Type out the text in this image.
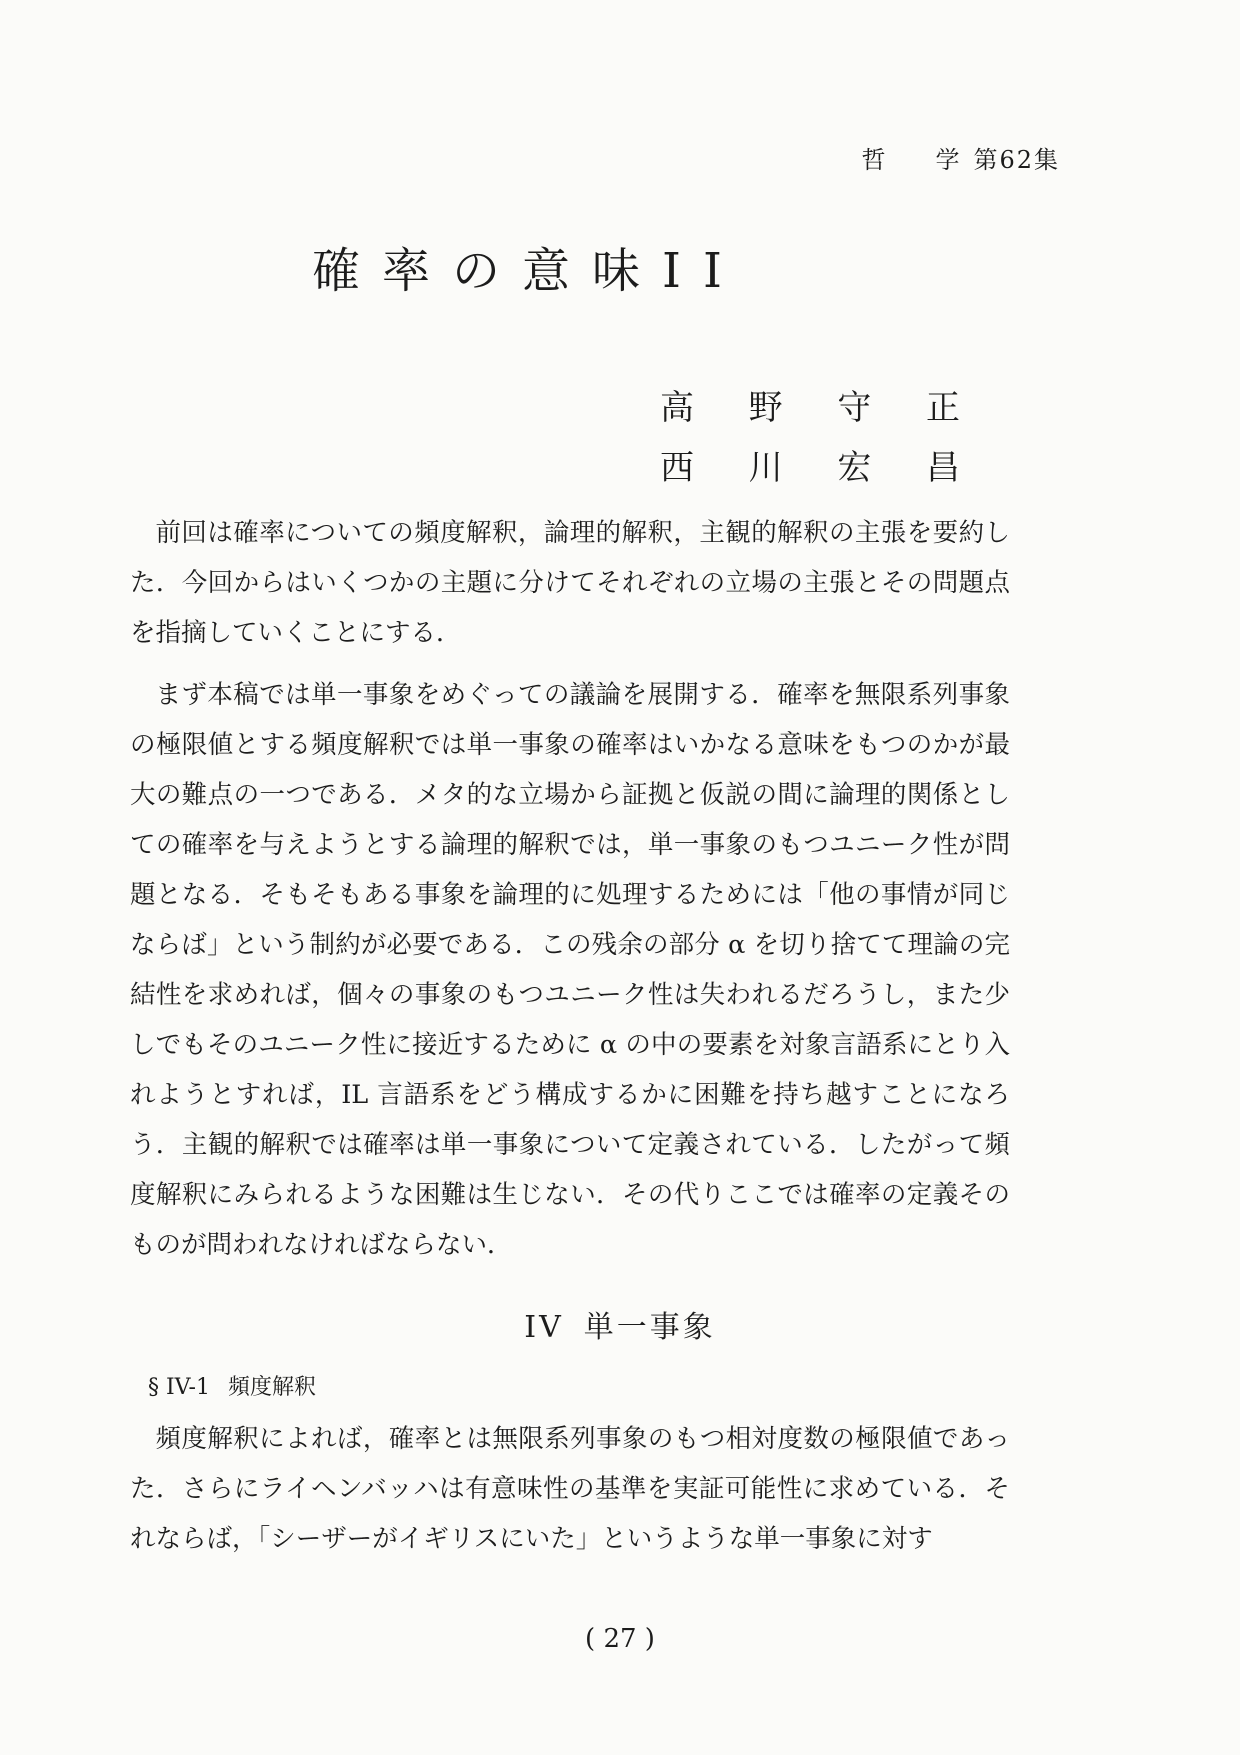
哲 学 第62集
確率の意味II
高 野 守 正
西 川 宏 昌

前回は確率についての頻度解釈，論理的解釈，主観的解釈の主張を要約した．今回からはいくつかの主題に分けてそれぞれの立場の主張とその問題点を指摘していくことにする．

まず本稿では単一事象をめぐっての議論を展開する．確率を無限系列事象の極限値とする頻度解釈では単一事象の確率はいかなる意味をもつのかが最大の難点の一つである．メタ的な立場から証拠と仮説の間に論理的関係としての確率を与えようとする論理的解釈では，単一事象のもつユニーク性が問題となる．そもそもある事象を論理的に処理するためには「他の事情が同じならば」という制約が必要である．この残余の部分 α を切り捨てて理論の完結性を求めれば，個々の事象のもつユニーク性は失われるだろうし，また少しでもそのユニーク性に接近するために α の中の要素を対象言語系にとり入れようとすれば，IL 言語系をどう構成するかに困難を持ち越すことになろう．主観的解釈では確率は単一事象について定義されている．したがって頻度解釈にみられるような困難は生じない．その代りここでは確率の定義そのものが問われなければならない．

IV 単一事象
§ IV-1 頻度解釈

頻度解釈によれば，確率とは無限系列事象のもつ相対度数の極限値であった．さらにライヘンバッハは有意味性の基準を実証可能性に求めている．それならば，「シーザーがイギリスにいた」というような単一事象に対す

( 27 )
